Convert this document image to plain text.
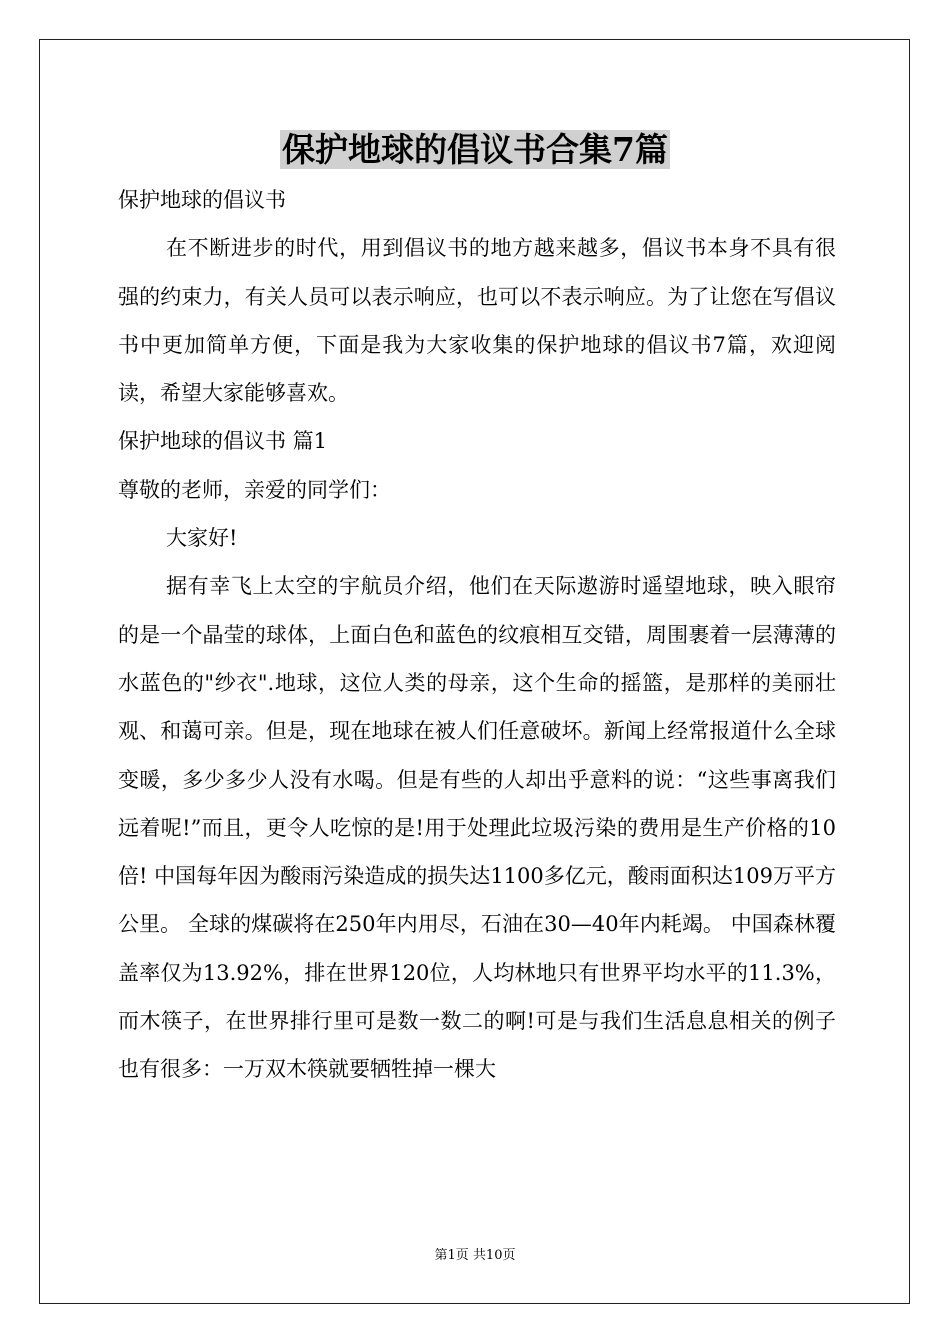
保护地球的倡议书合集7篇

保护地球的倡议书

在不断进步的时代，用到倡议书的地方越来越多，倡议书本身不具有很强的约束力，有关人员可以表示响应，也可以不表示响应。为了让您在写倡议书中更加简单方便，下面是我为大家收集的保护地球的倡议书7篇，欢迎阅读，希望大家能够喜欢。

保护地球的倡议书 篇1

尊敬的老师，亲爱的同学们：

大家好!

据有幸飞上太空的宇航员介绍，他们在天际遨游时遥望地球，映入眼帘的是一个晶莹的球体，上面白色和蓝色的纹痕相互交错，周围裹着一层薄薄的水蓝色的"纱衣".地球，这位人类的母亲，这个生命的摇篮，是那样的美丽壮观、和蔼可亲。但是，现在地球在被人们任意破坏。新闻上经常报道什么全球变暖，多少多少人没有水喝。但是有些的人却出乎意料的说：“这些事离我们远着呢!”而且，更令人吃惊的是!用于处理此垃圾污染的费用是生产价格的10倍! 中国每年因为酸雨污染造成的损失达1100多亿元，酸雨面积达109万平方公里。 全球的煤碳将在250年内用尽，石油在30—40年内耗竭。 中国森林覆盖率仅为13.92%，排在世界120位，人均林地只有世界平均水平的11.3%，而木筷子，在世界排行里可是数一数二的啊!可是与我们生活息息相关的例子也有很多：一万双木筷就要牺牲掉一棵大

第1页 共10页
